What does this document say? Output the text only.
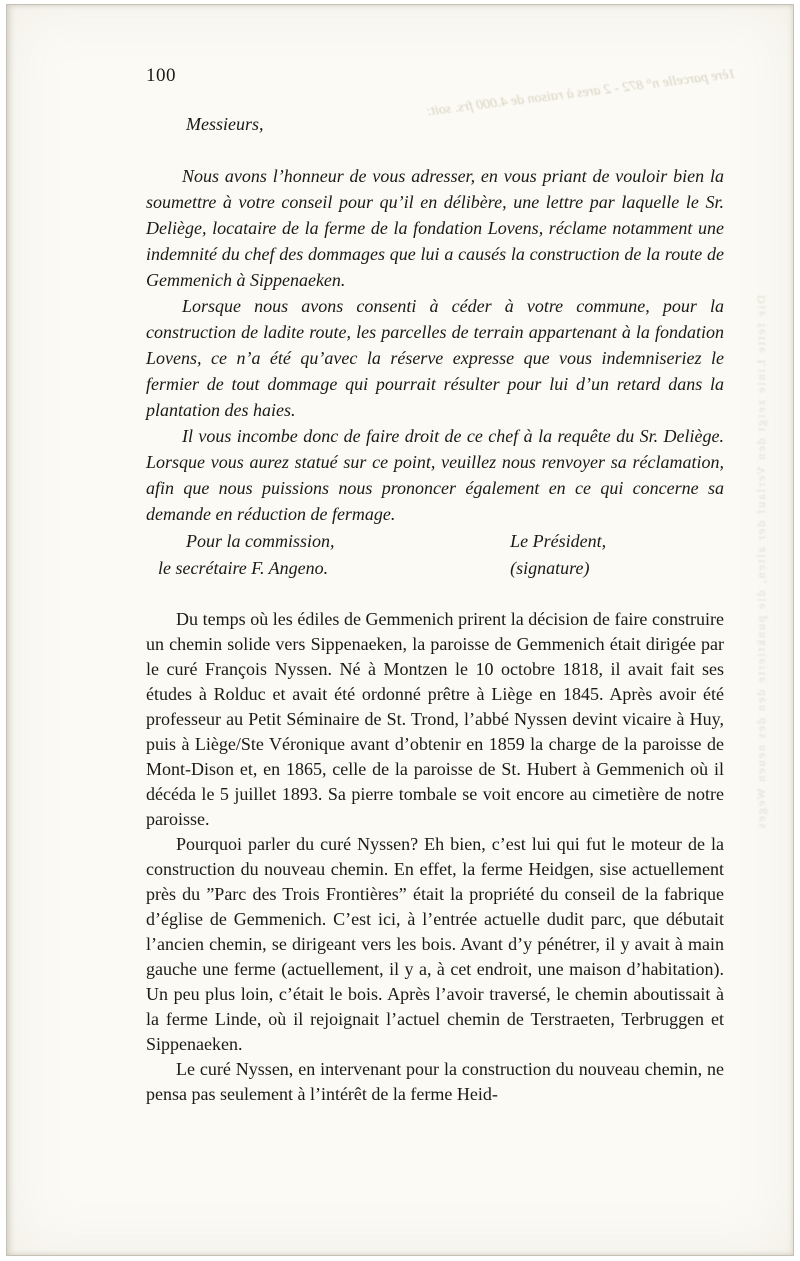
1ère parcelle n° 872 - 2 ares à raison de 4.000 frs. soit:
Die fette Linie zeigt den Verlauf der alten, die punktierte den des neuen Weges
100

Messieurs,

Nous avons l’honneur de vous adresser, en vous priant de vouloir bien la soumettre à votre conseil pour qu’il en délibère, une lettre par laquelle le Sr. Deliège, locataire de la ferme de la fondation Lovens, réclame notamment une indemnité du chef des dommages que lui a causés la construction de la route de Gemmenich à Sippenaeken.

Lorsque nous avons consenti à céder à votre commune, pour la construction de ladite route, les parcelles de terrain appartenant à la fondation Lovens, ce n’a été qu’avec la réserve expresse que vous indemniseriez le fermier de tout dommage qui pourrait résulter pour lui d’un retard dans la plantation des haies.

Il vous incombe donc de faire droit de ce chef à la requête du Sr. Deliège. Lorsque vous aurez statué sur ce point, veuillez nous renvoyer sa réclamation, afin que nous puissions nous prononcer également en ce qui concerne sa demande en réduction de fermage.

Pour la commission,	Le Président,
le secrétaire F. Angeno.	(signature)

Du temps où les édiles de Gemmenich prirent la décision de faire construire un chemin solide vers Sippenaeken, la paroisse de Gemmenich était dirigée par le curé François Nyssen. Né à Montzen le 10 octobre 1818, il avait fait ses études à Rolduc et avait été ordonné prêtre à Liège en 1845. Après avoir été professeur au Petit Séminaire de St. Trond, l’abbé Nyssen devint vicaire à Huy, puis à Liège/Ste Véronique avant d’obtenir en 1859 la charge de la paroisse de Mont-Dison et, en 1865, celle de la paroisse de St. Hubert à Gemmenich où il décéda le 5 juillet 1893. Sa pierre tombale se voit encore au cimetière de notre paroisse.

Pourquoi parler du curé Nyssen? Eh bien, c’est lui qui fut le moteur de la construction du nouveau chemin. En effet, la ferme Heidgen, sise actuellement près du ”Parc des Trois Frontières” était la propriété du conseil de la fabrique d’église de Gemmenich. C’est ici, à l’entrée actuelle dudit parc, que débutait l’ancien chemin, se dirigeant vers les bois. Avant d’y pénétrer, il y avait à main gauche une ferme (actuellement, il y a, à cet endroit, une maison d’habitation). Un peu plus loin, c’était le bois. Après l’avoir traversé, le chemin aboutissait à la ferme Linde, où il rejoignait l’actuel chemin de Terstraeten, Terbruggen et Sippenaeken.

Le curé Nyssen, en intervenant pour la construction du nouveau chemin, ne pensa pas seulement à l’intérêt de la ferme Heid-
